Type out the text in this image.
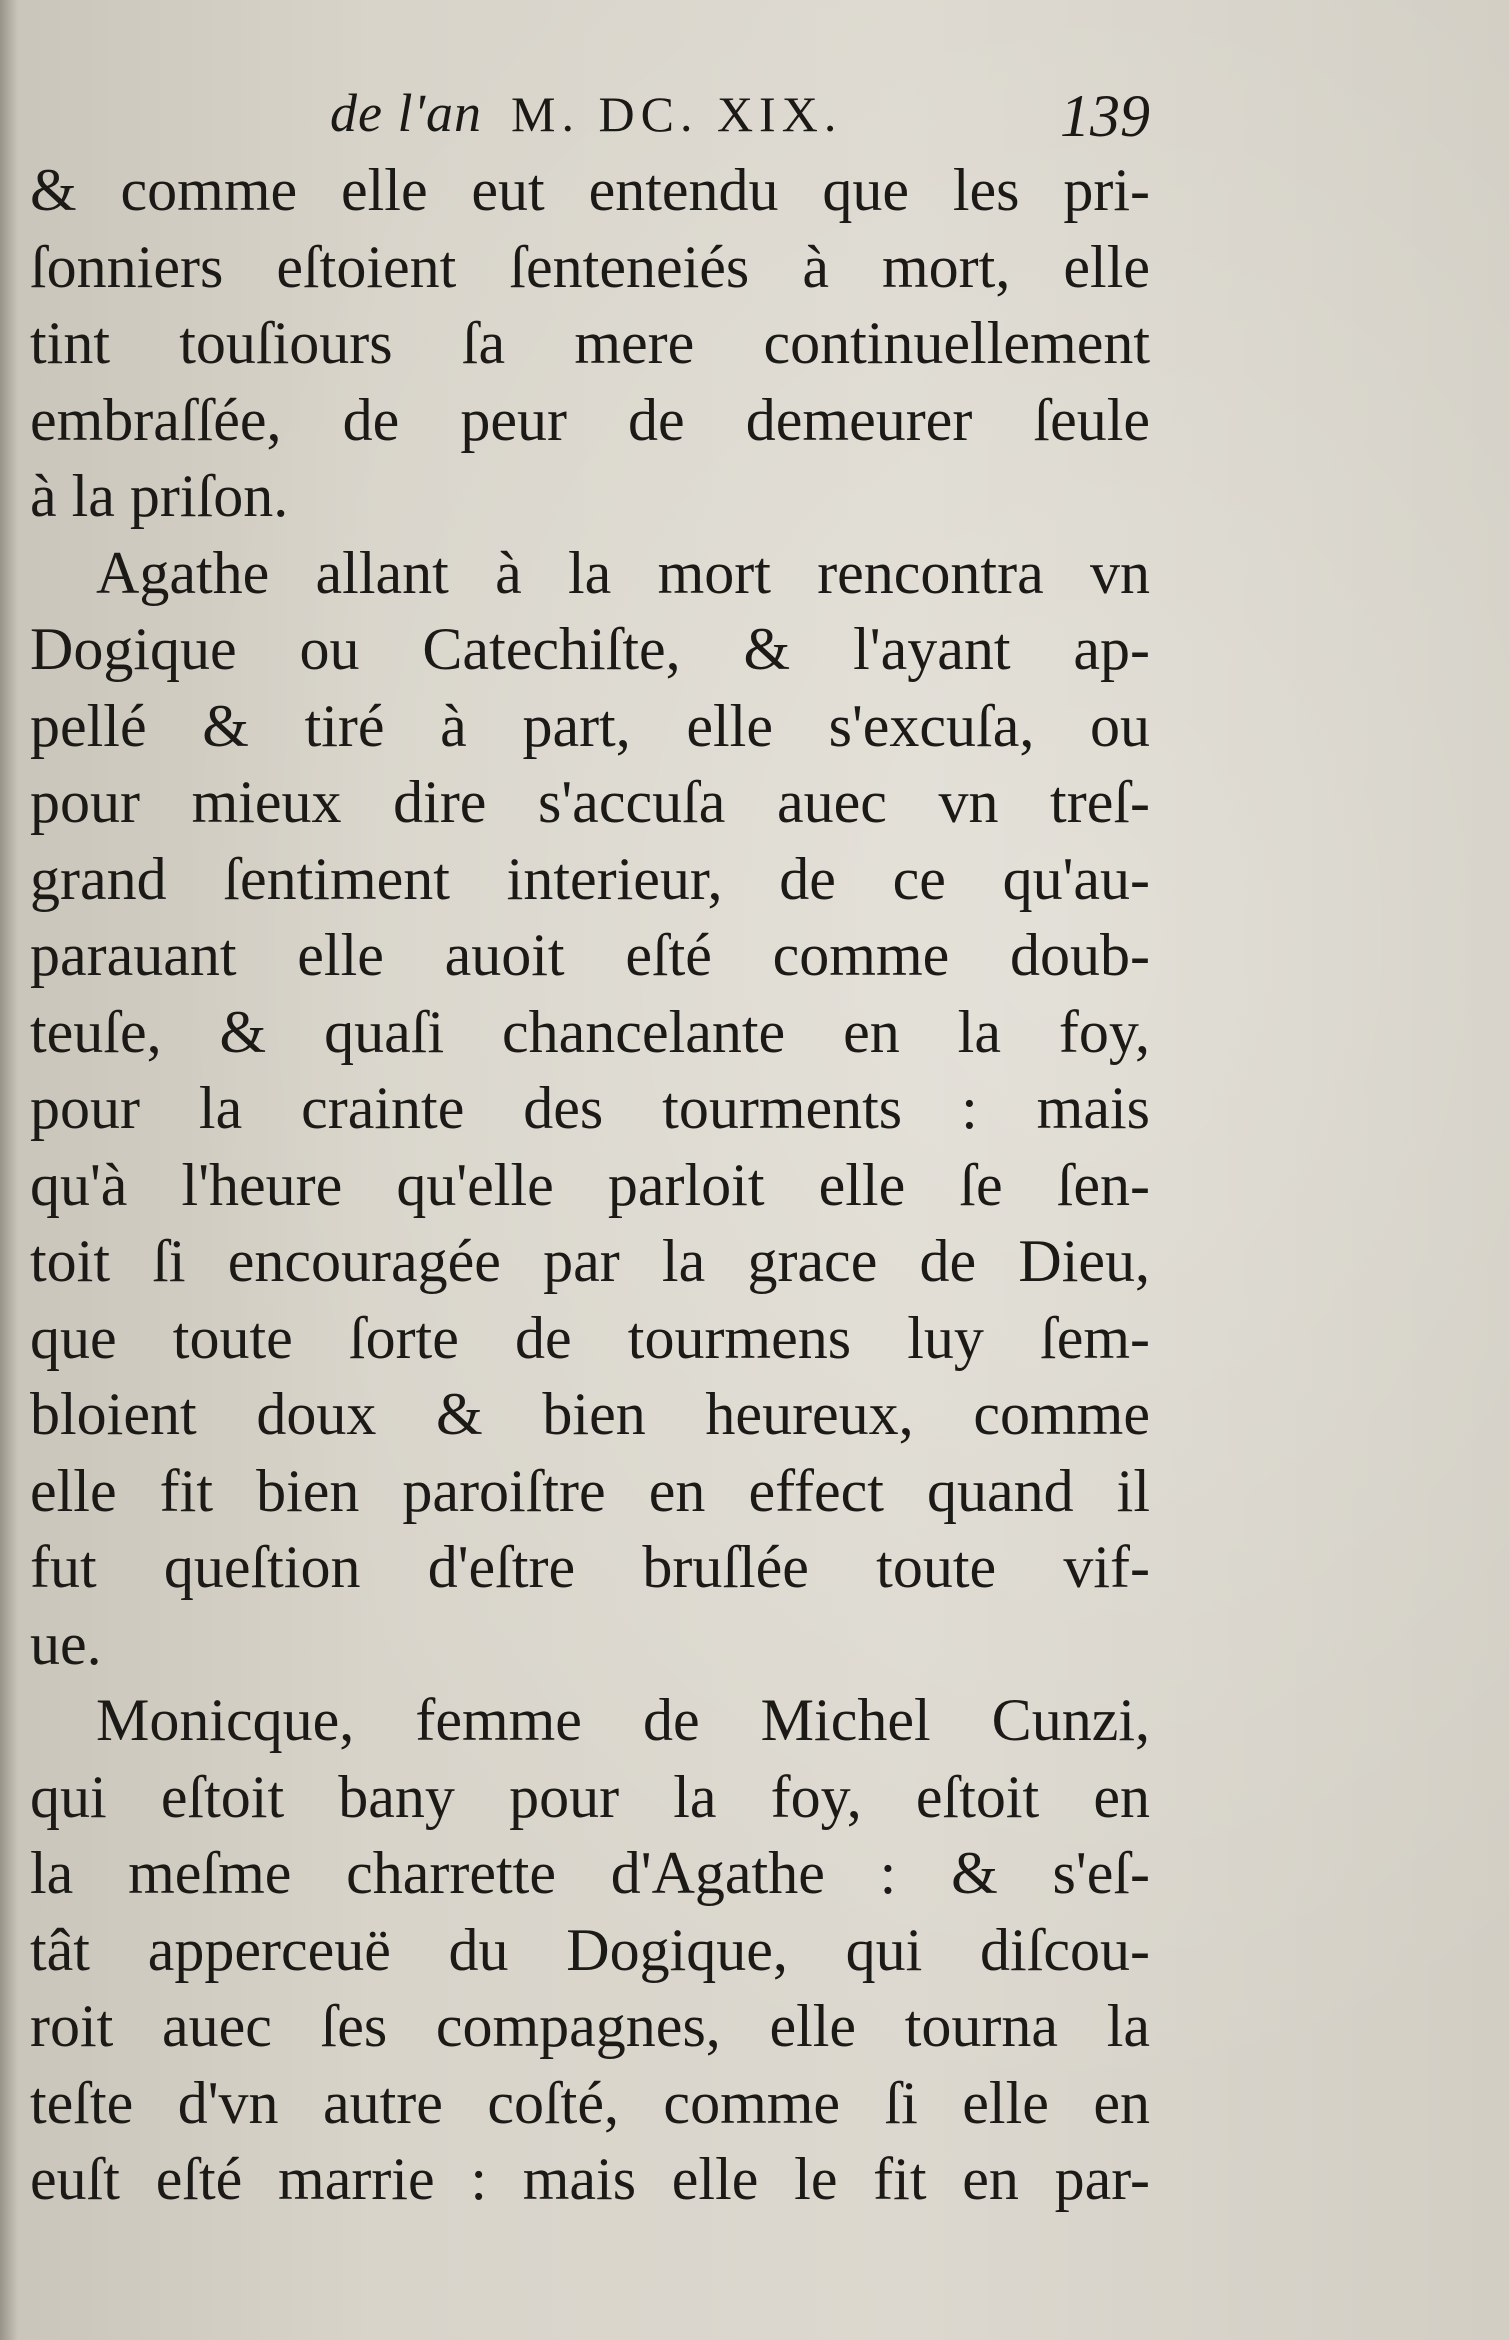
de l'an M. DC. XIX.	139
& comme elle eut entendu que les pri-
ſonniers eſtoient ſenteneiés à mort, elle
tint touſiours ſa mere continuellement
embraſſée, de peur de demeurer ſeule
à la priſon.
Agathe allant à la mort rencontra vn
Dogique ou Catechiſte, & l'ayant ap-
pellé & tiré à part, elle s'excuſa, ou
pour mieux dire s'accuſa auec vn treſ-
grand ſentiment interieur, de ce qu'au-
parauant elle auoit eſté comme doub-
teuſe, & quaſi chancelante en la foy,
pour la crainte des tourments : mais
qu'à l'heure qu'elle parloit elle ſe ſen-
toit ſi encouragée par la grace de Dieu,
que toute ſorte de tourmens luy ſem-
bloient doux & bien heureux, comme
elle fit bien paroiſtre en effect quand il
fut queſtion d'eſtre bruſlée toute vif-
ue.
Monicque, femme de Michel Cunzi,
qui eſtoit bany pour la foy, eſtoit en
la meſme charrette d'Agathe : & s'eſ-
tât apperceuë du Dogique, qui diſcou-
roit auec ſes compagnes, elle tourna la
teſte d'vn autre coſté, comme ſi elle en
euſt eſté marrie : mais elle le fit en par-
